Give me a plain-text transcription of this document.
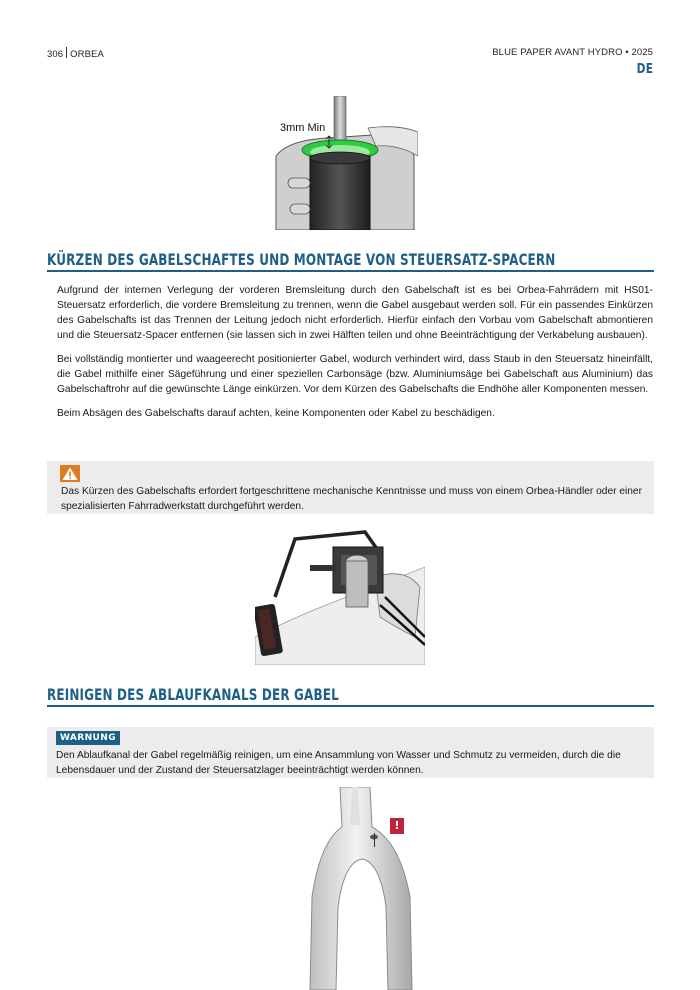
306 ORBEA	BLUE PAPER AVANT HYDRO • 2025
DE
3mm Min
KÜRZEN DES GABELSCHAFTES UND MONTAGE VON STEUERSATZ-SPACERN

Aufgrund der internen Verlegung der vorderen Bremsleitung durch den Gabelschaft ist es bei Orbea-Fahrrädern mit HS01-Steuersatz erforderlich, die vordere Bremsleitung zu trennen, wenn die Gabel ausgebaut werden soll. Für ein passendes Einkürzen des Gabelschafts ist das Trennen der Leitung jedoch nicht erforderlich. Hierfür einfach den Vorbau vom Gabelschaft abmontieren und die Steuersatz-Spacer entfernen (sie lassen sich in zwei Hälften teilen und ohne Beeinträchtigung der Verkabelung ausbauen).

Bei vollständig montierter und waageerecht positionierter Gabel, wodurch verhindert wird, dass Staub in den Steuersatz hineinfällt, die Gabel mithilfe einer Sägeführung und einer speziellen Carbonsäge (bzw. Aluminiumsäge bei Gabelschaft aus Aluminium) das Gabelschaftrohr auf die gewünschte Länge einkürzen. Vor dem Kürzen des Gabelschafts die Endhöhe aller Komponenten messen.

Beim Absägen des Gabelschafts darauf achten, keine Komponenten oder Kabel zu beschädigen.

Das Kürzen des Gabelschafts erfordert fortgeschrittene mechanische Kenntnisse und muss von einem Orbea-Händler oder einer spezialisierten Fahrradwerkstatt durchgeführt werden.
REINIGEN DES ABLAUFKANALS DER GABEL
WARNUNG
Den Ablaufkanal der Gabel regelmäßig reinigen, um eine Ansammlung von Wasser und Schmutz zu vermeiden, durch die die Lebensdauer und der Zustand der Steuersatzlager beeinträchtigt werden können.
!
